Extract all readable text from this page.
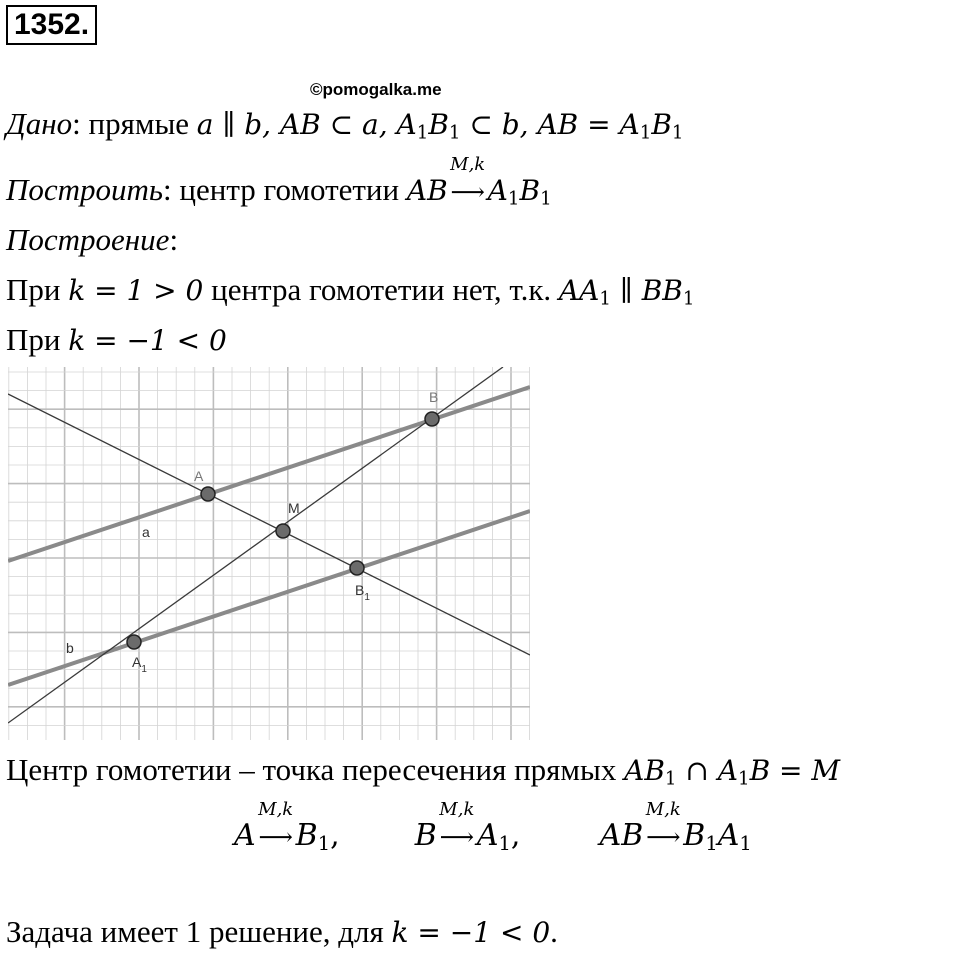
1352.
©pomogalka.me
Дано: прямые a ∥ b, AB ⊂ a, $A_1B_1$ ⊂ b, AB = $A_1B_1$
Построить: центр гомотетии AB
M,k
$⟶A_1B_1$
Построение:
При k = 1 > 0 центра гомотетии нет, т.к. $AA_1$ ∥ $BB_1$
При k = −1 < 0
A
B
M
$B_1$
$A_1$
a
b
Центр гомотетии – точка пересечения прямых $AB_1$ ∩ $A_1B = M$
A
M,k
$⟶B_1$,	B
M,k
$⟶A_1$,	AB
M,k
$⟶B_1A_1$
Задача имеет 1 решение, для k = −1 < 0.
